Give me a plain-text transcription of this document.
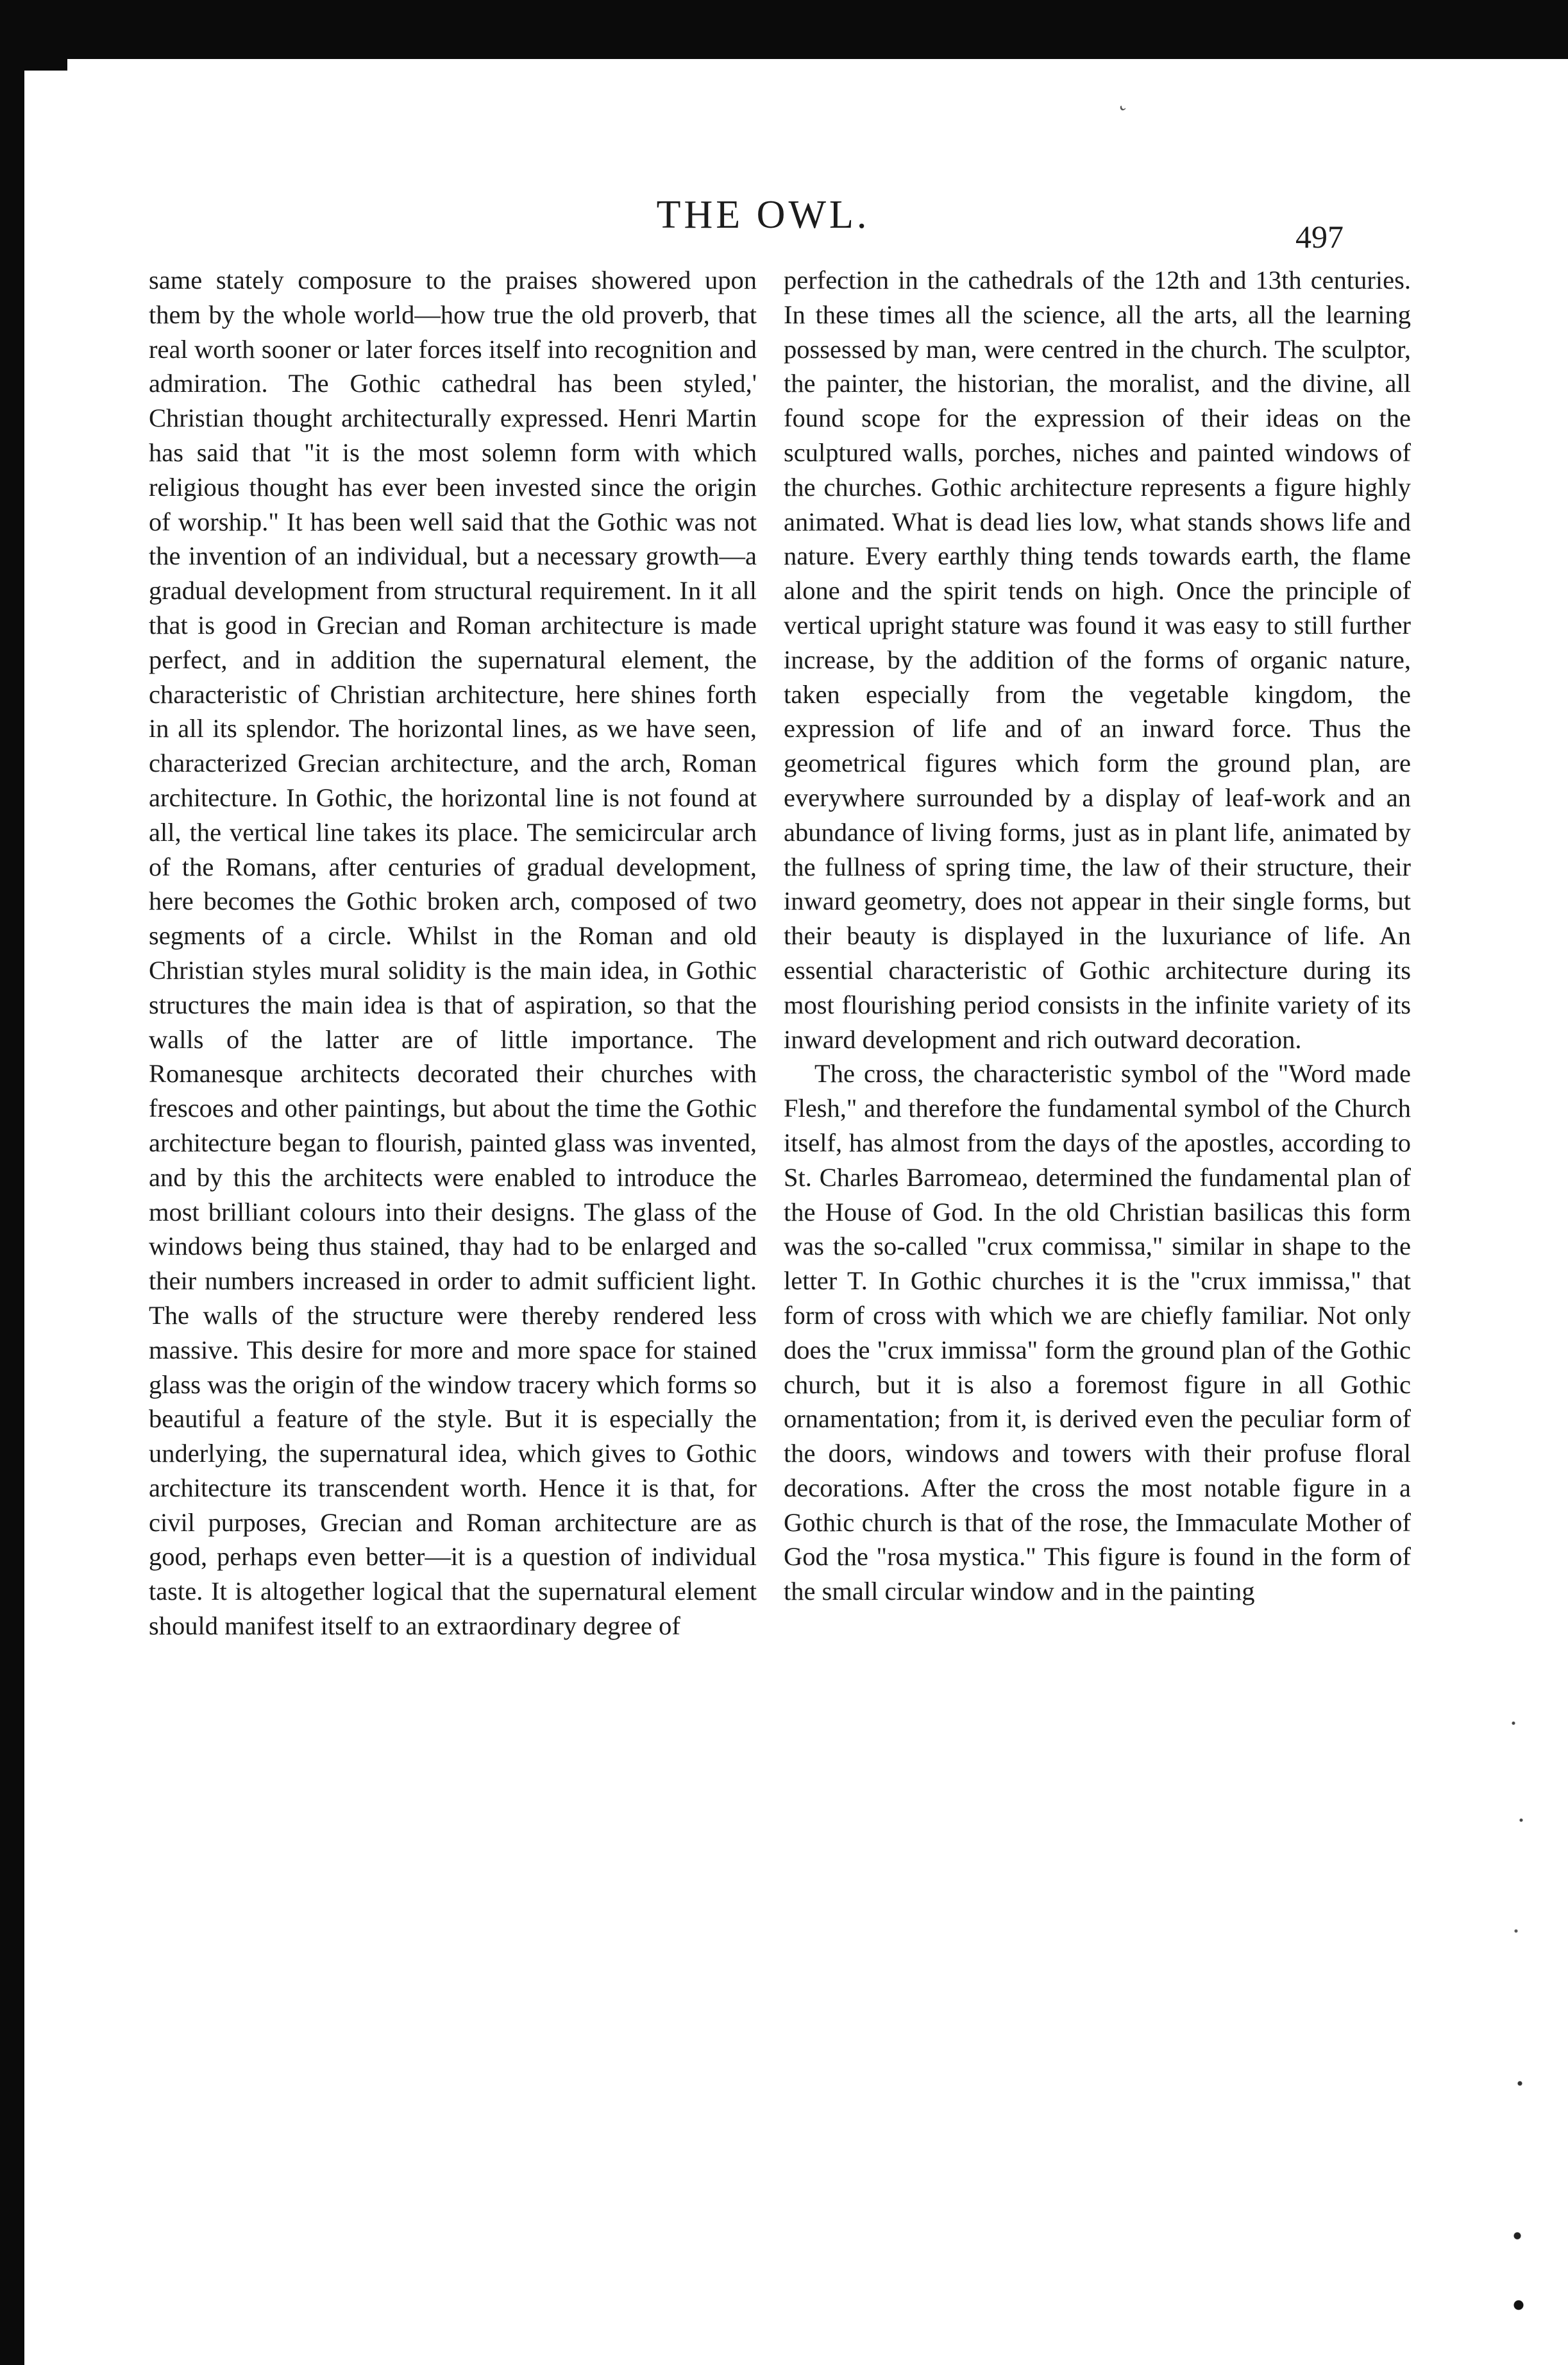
˛
THE OWL.	497

same stately composure to the praises showered upon them by the whole world—how true the old proverb, that real worth sooner or later forces itself into recognition and admiration. The Gothic cathedral has been styled,' Christian thought architecturally expressed. Henri Martin has said that "it is the most solemn form with which religious thought has ever been invested since the origin of worship." It has been well said that the Gothic was not the invention of an individual, but a necessary growth—a gradual development from structural requirement. In it all that is good in Grecian and Roman architecture is made perfect, and in addition the supernatural element, the characteristic of Christian architecture, here shines forth in all its splendor. The horizontal lines, as we have seen, characterized Grecian architecture, and the arch, Roman architecture. In Gothic, the horizontal line is not found at all, the vertical line takes its place. The semicircular arch of the Romans, after centuries of gradual development, here becomes the Gothic broken arch, composed of two segments of a circle. Whilst in the Roman and old Christian styles mural solidity is the main idea, in Gothic structures the main idea is that of aspiration, so that the walls of the latter are of little importance. The Romanesque architects decorated their churches with frescoes and other paintings, but about the time the Gothic architecture began to flourish, painted glass was invented, and by this the architects were enabled to introduce the most brilliant colours into their designs. The glass of the windows being thus stained, thay had to be enlarged and their numbers increased in order to admit sufficient light. The walls of the structure were thereby rendered less massive. This desire for more and more space for stained glass was the origin of the window tracery which forms so beautiful a feature of the style. But it is especially the underlying, the supernatural idea, which gives to Gothic architecture its transcendent worth. Hence it is that, for civil purposes, Grecian and Roman architecture are as good, perhaps even better—it is a question of individual taste. It is altogether logical that the supernatural element should manifest itself to an extraordinary degree of

perfection in the cathedrals of the 12th and 13th centuries. In these times all the science, all the arts, all the learning possessed by man, were centred in the church. The sculptor, the painter, the historian, the moralist, and the divine, all found scope for the expression of their ideas on the sculptured walls, porches, niches and painted windows of the churches. Gothic architecture represents a figure highly animated. What is dead lies low, what stands shows life and nature. Every earthly thing tends towards earth, the flame alone and the spirit tends on high. Once the principle of vertical upright stature was found it was easy to still further increase, by the addition of the forms of organic nature, taken especially from the vegetable kingdom, the expression of life and of an inward force. Thus the geometrical figures which form the ground plan, are everywhere surrounded by a display of leaf-work and an abundance of living forms, just as in plant life, animated by the fullness of spring time, the law of their structure, their inward geometry, does not appear in their single forms, but their beauty is displayed in the luxuriance of life. An essential characteristic of Gothic architecture during its most flourishing period consists in the infinite variety of its inward development and rich outward decoration.

The cross, the characteristic symbol of the "Word made Flesh," and therefore the fundamental symbol of the Church itself, has almost from the days of the apostles, according to St. Charles Barromeao, determined the fundamental plan of the House of God. In the old Christian basilicas this form was the so-called "crux commissa," similar in shape to the letter T. In Gothic churches it is the "crux immissa," that form of cross with which we are chiefly familiar. Not only does the "crux immissa" form the ground plan of the Gothic church, but it is also a foremost figure in all Gothic ornamentation; from it, is derived even the peculiar form of the doors, windows and towers with their profuse floral decorations. After the cross the most notable figure in a Gothic church is that of the rose, the Immaculate Mother of God the "rosa mystica." This figure is found in the form of the small circular window and in the painting
